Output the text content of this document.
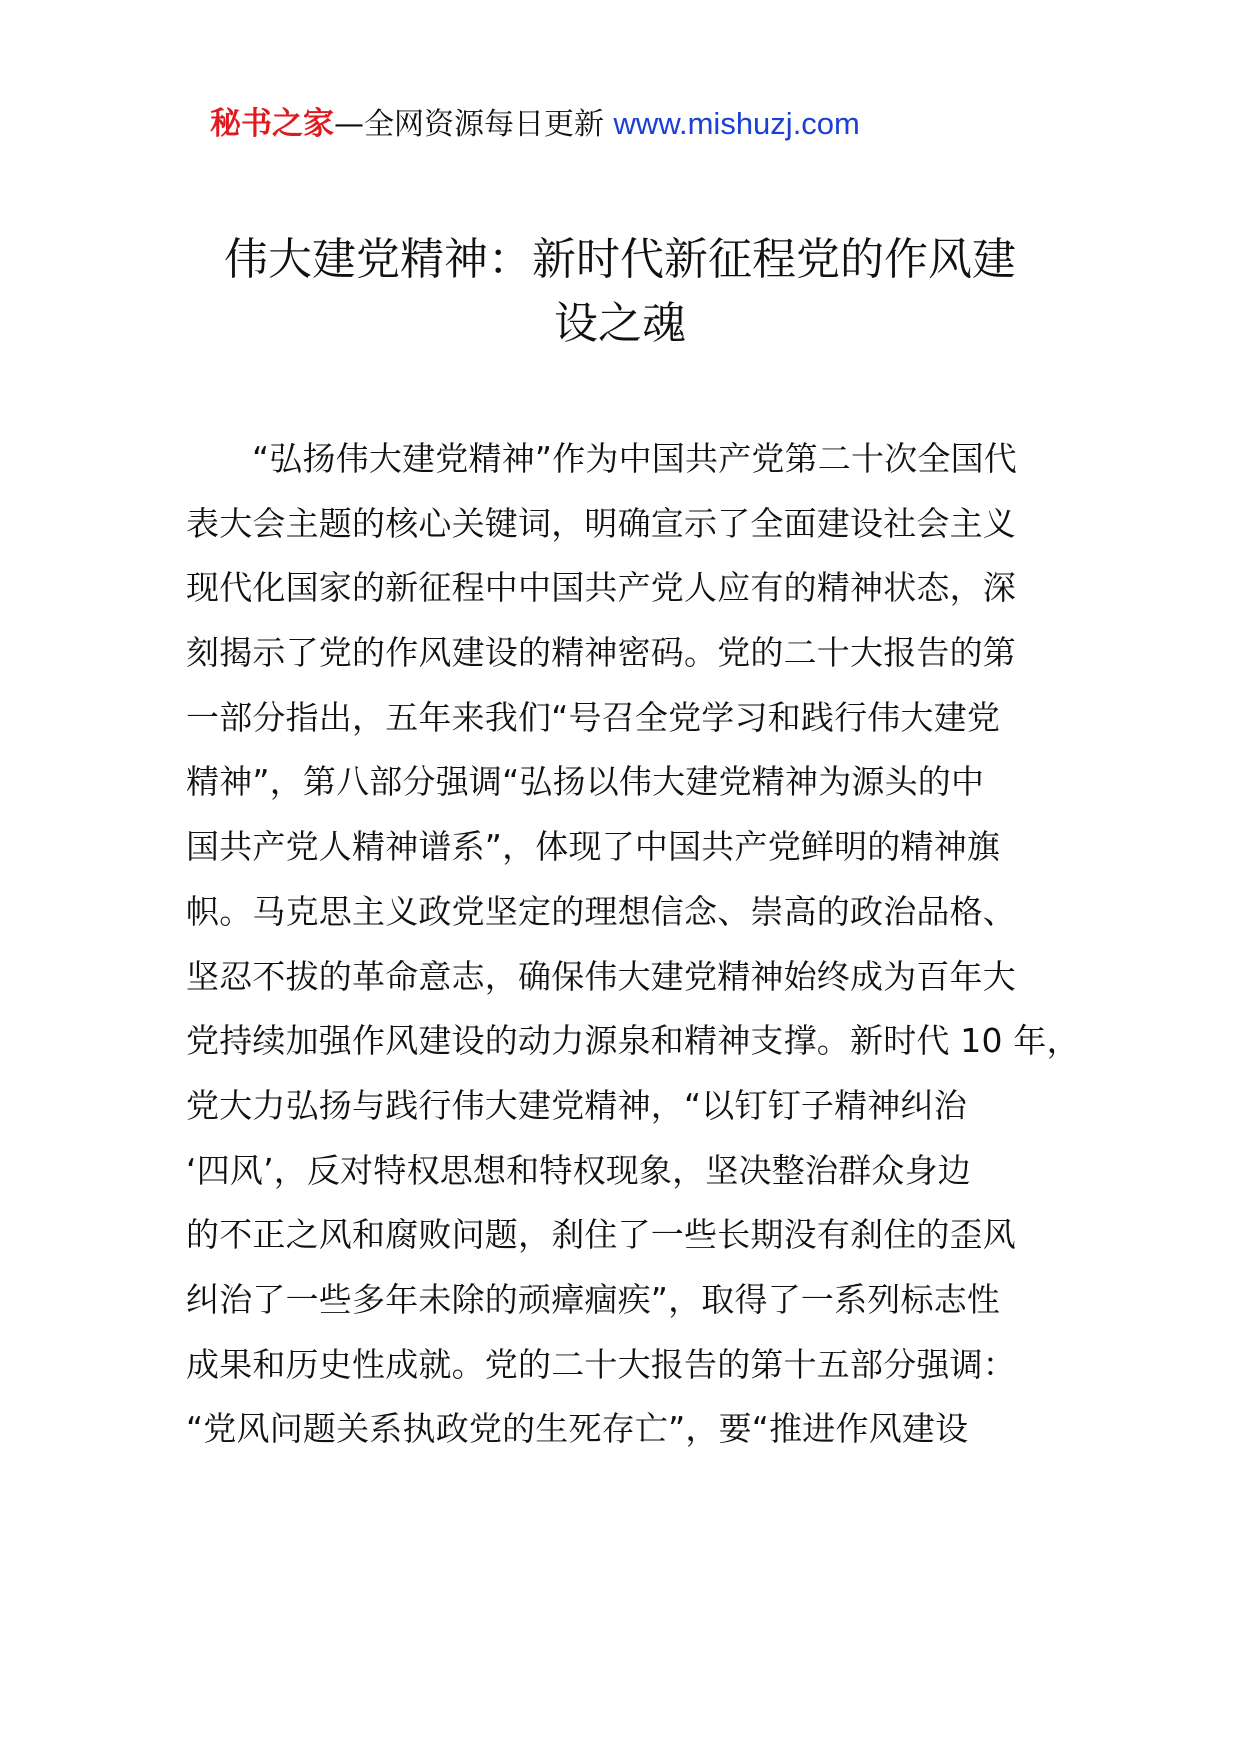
秘书之家—全网资源每日更新 www.mishuzj.com
伟大建党精神：新时代新征程党的作风建
设之魂
“弘扬伟大建党精神”作为中国共产党第二十次全国代
表大会主题的核心关键词，明确宣示了全面建设社会主义
现代化国家的新征程中中国共产党人应有的精神状态，深
刻揭示了党的作风建设的精神密码。党的二十大报告的第
一部分指出，五年来我们“号召全党学习和践行伟大建党
精神”，第八部分强调“弘扬以伟大建党精神为源头的中
国共产党人精神谱系”，体现了中国共产党鲜明的精神旗
帜。马克思主义政党坚定的理想信念、崇高的政治品格、
坚忍不拔的革命意志，确保伟大建党精神始终成为百年大
党持续加强作风建设的动力源泉和精神支撑。新时代 10 年，
党大力弘扬与践行伟大建党精神，“以钉钉子精神纠治
‘四风’，反对特权思想和特权现象，坚决整治群众身边
的不正之风和腐败问题，刹住了一些长期没有刹住的歪风
纠治了一些多年未除的顽瘴痼疾”，取得了一系列标志性
成果和历史性成就。党的二十大报告的第十五部分强调：
“党风问题关系执政党的生死存亡”，要“推进作风建设
